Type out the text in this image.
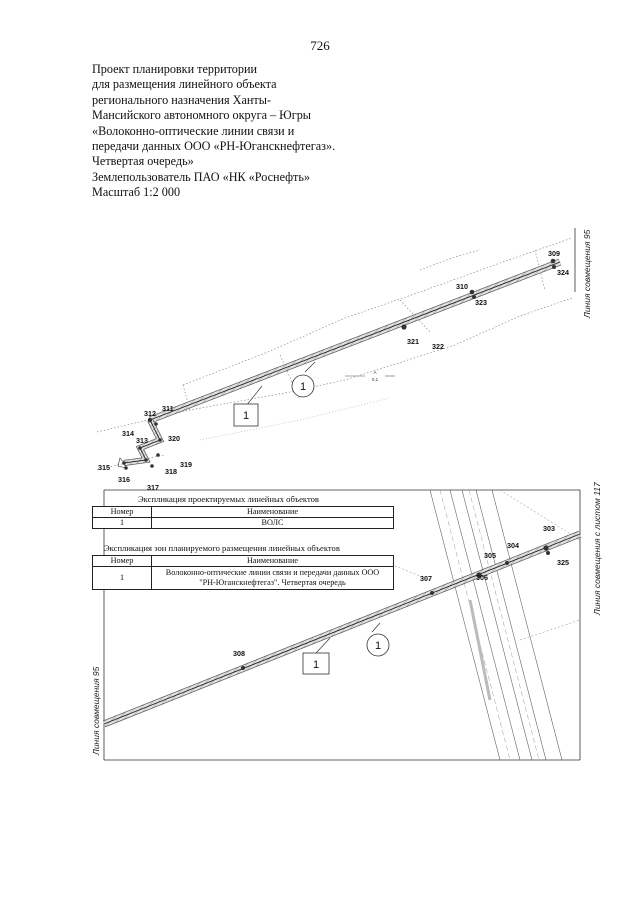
726
Проект планировки территории
для размещения линейного объекта
регионального назначения Ханты-
Мансийского автономного округа – Югры
«Волоконно-оптические линии связи и
передачи данных ООО «РН-Юганскнефтегаз».
Четвертая очередь»
Землепользователь ПАО «НК «Роснефть»
Масштаб 1:2 000
309
324
310
323
321
322
311
312
314
313	320
315	319
316
318
317
1
1
А
0,1
Линия совмещения 95
303
304
305
325
306
307
308
1
1
Линия совмещения с листом 117
Линия совмещения 95
Экспликация проектируемых линейных объектов
Номер	Наименование
1	ВОЛС
Экспликация зон планируемого размещения линейных объектов
Номер	Наименование
1	Волоконно-оптические линии связи и передачи данных ООО "РН-Юганскнефтегаз". Четвертая очередь
